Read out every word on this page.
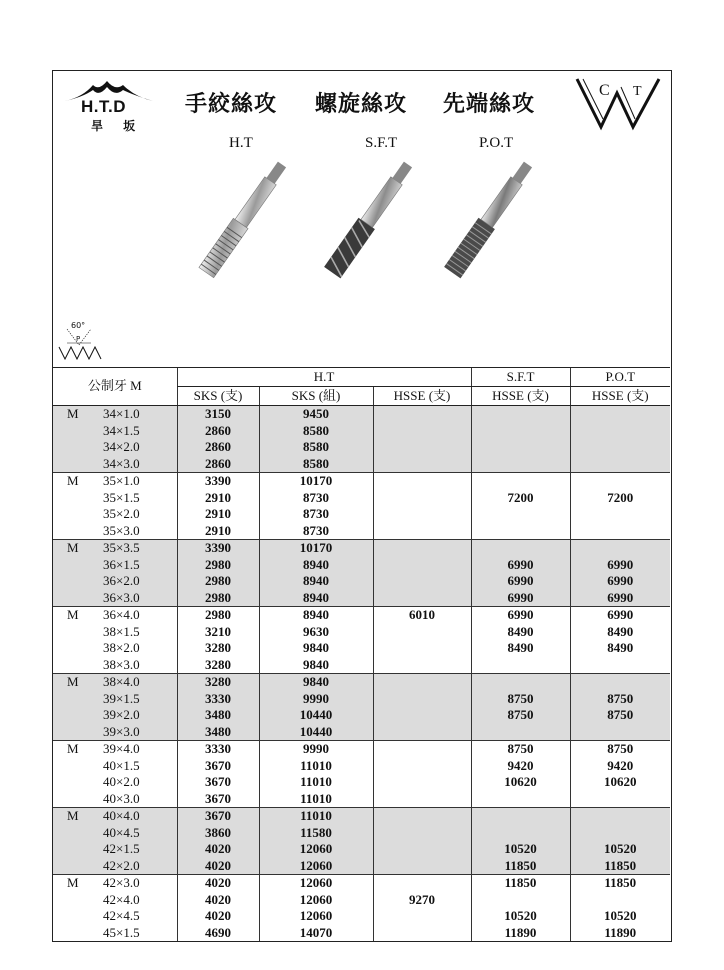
H.T.D
旱 坂
手絞絲攻 螺旋絲攻 先端絲攻
C T
H.T	S.F.T	P.O.T
60°
P
公制牙 M	H.T			S.F.T	P.O.T
	SKS (支)	SKS (組)	HSSE (支)	HSSE (支)	HSSE (支)
M 34×1.0	3150	9450			
34×1.5	2860	8580			
34×2.0	2860	8580			
34×3.0	2860	8580			
M 35×1.0	3390	10170			
35×1.5	2910	8730		7200	7200
35×2.0	2910	8730			
35×3.0	2910	8730			
M 35×3.5	3390	10170			
36×1.5	2980	8940		6990	6990
36×2.0	2980	8940		6990	6990
36×3.0	2980	8940		6990	6990
M 36×4.0	2980	8940	6010	6990	6990
38×1.5	3210	9630		8490	8490
38×2.0	3280	9840		8490	8490
38×3.0	3280	9840			
M 38×4.0	3280	9840			
39×1.5	3330	9990		8750	8750
39×2.0	3480	10440		8750	8750
39×3.0	3480	10440			
M 39×4.0	3330	9990		8750	8750
40×1.5	3670	11010		9420	9420
40×2.0	3670	11010		10620	10620
40×3.0	3670	11010			
M 40×4.0	3670	11010			
40×4.5	3860	11580			
42×1.5	4020	12060		10520	10520
42×2.0	4020	12060		11850	11850
M 42×3.0	4020	12060		11850	11850
42×4.0	4020	12060	9270		
42×4.5	4020	12060		10520	10520
45×1.5	4690	14070		11890	11890
